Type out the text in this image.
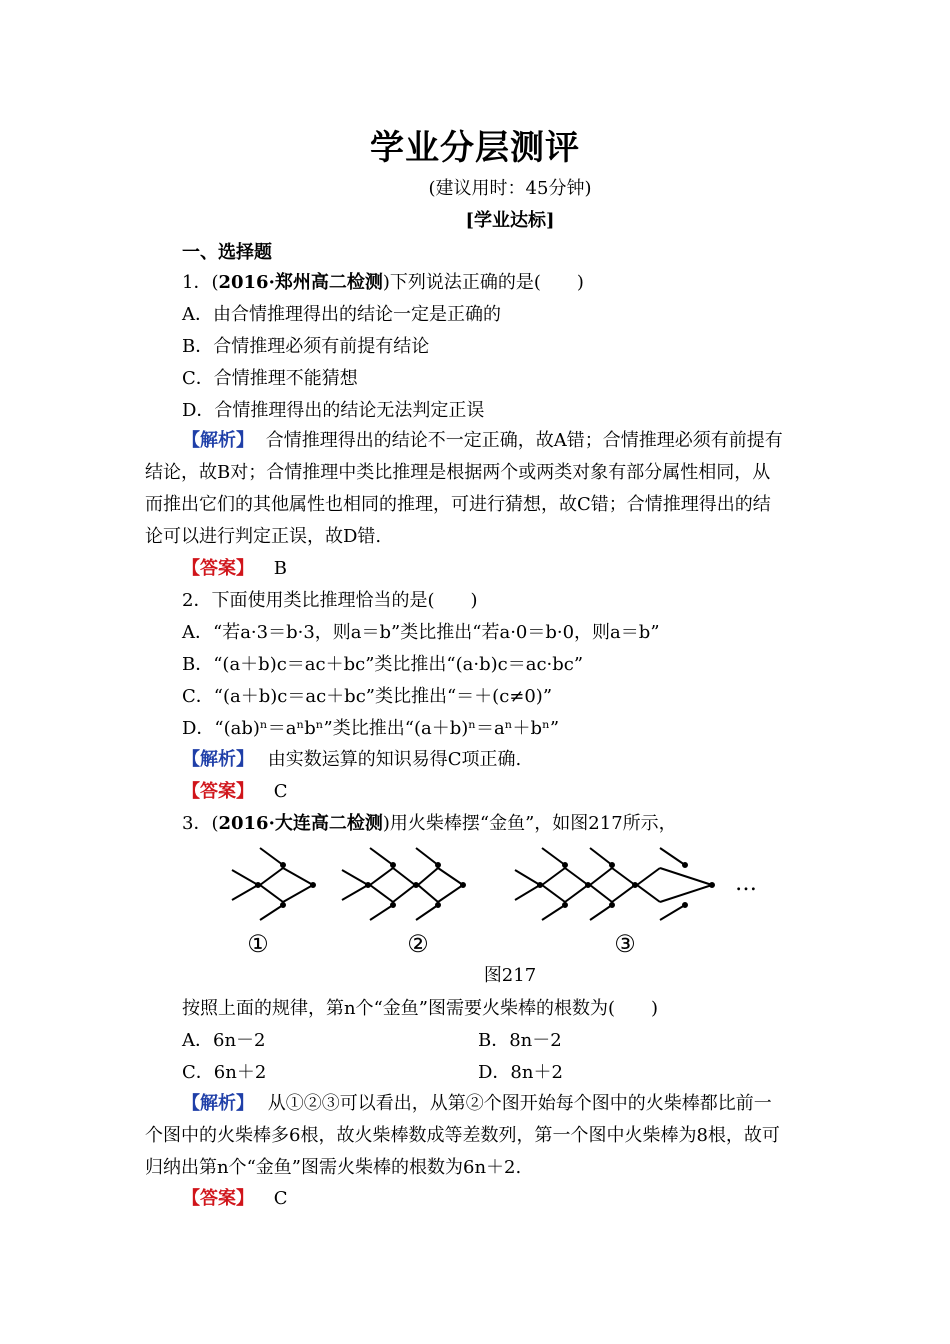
学业分层测评
(建议用时：45分钟)
[学业达标]
一、选择题
1．(2016·郑州高二检测)下列说法正确的是(　　)
A．由合情推理得出的结论一定是正确的
B．合情推理必须有前提有结论
C．合情推理不能猜想
D．合情推理得出的结论无法判定正误
【解析】 合情推理得出的结论不一定正确，故A错；合情推理必须有前提有
结论，故B对；合情推理中类比推理是根据两个或两类对象有部分属性相同，从
而推出它们的其他属性也相同的推理，可进行猜想，故C错；合情推理得出的结
论可以进行判定正误，故D错.
【答案】 B
2．下面使用类比推理恰当的是(　　)
A．“若a·3＝b·3，则a＝b”类比推出“若a·0＝b·0，则a＝b”
B．“(a＋b)c＝ac＋bc”类比推出“(a·b)c＝ac·bc”
C．“(a＋b)c＝ac＋bc”类比推出“＝＋(c≠0)”
D．“(ab)ⁿ＝aⁿbⁿ”类比推出“(a＋b)ⁿ＝aⁿ＋bⁿ”
【解析】 由实数运算的知识易得C项正确.
【答案】 C
3．(2016·大连高二检测)用火柴棒摆“金鱼”，如图217所示，
①	②	③
…
图217
按照上面的规律，第n个“金鱼”图需要火柴棒的根数为(　　)
A．6n－2	B．8n－2
C．6n＋2	D．8n＋2
【解析】 从①②③可以看出，从第②个图开始每个图中的火柴棒都比前一
个图中的火柴棒多6根，故火柴棒数成等差数列，第一个图中火柴棒为8根，故可
归纳出第n个“金鱼”图需火柴棒的根数为6n＋2.
【答案】 C
